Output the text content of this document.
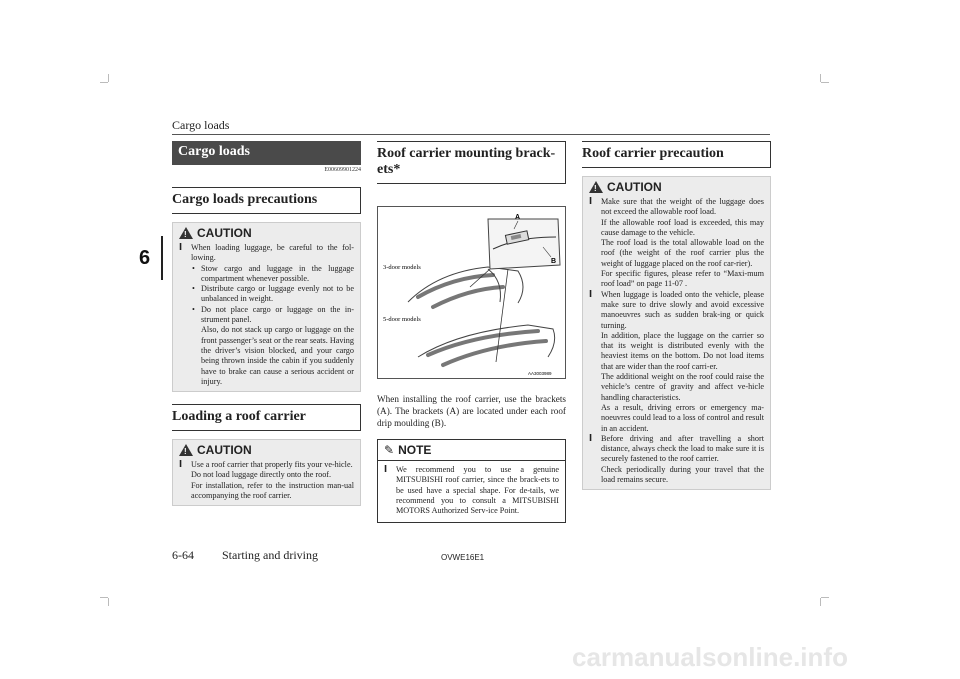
Cargo loads
6
Cargo loads
E00609901224
Cargo loads precautions
! CAUTION
l When loading luggage, be careful to the fol-lowing.
• Stow cargo and luggage in the luggage compartment whenever possible.
• Distribute cargo or luggage evenly not to be unbalanced in weight.
• Do not place cargo or luggage on the in-strument panel.

Also, do not stack up cargo or luggage on the front passenger’s seat or the rear seats. Having the driver’s vision blocked, and your cargo being thrown inside the cabin if you suddenly have to brake can cause a serious accident or injury.

Loading a roof carrier
! CAUTION
l Use a roof carrier that properly fits your ve-hicle.

Do not load luggage directly onto the roof.

For installation, refer to the instruction man-ual accompanying the roof carrier.

Roof carrier mounting brack-ets*
A
B
3-door models
5-door models
AA3003989
When installing the roof carrier, use the brackets (A). The brackets (A) are located under each roof drip moulding (B).
✎ NOTE
l We recommend you to use a genuine MITSUBISHI roof carrier, since the brack-ets to be used have a special shape. For de-tails, we recommend you to consult a MITSUBISHI MOTORS Authorized Serv-ice Point.
Roof carrier precaution
! CAUTION
l Make sure that the weight of the luggage does not exceed the allowable roof load.

If the allowable roof load is exceeded, this may cause damage to the vehicle.

The roof load is the total allowable load on the roof (the weight of the roof carrier plus the weight of luggage placed on the roof car-rier).

For specific figures, please refer to “Maxi-mum roof load” on page 11-07 .

l When luggage is loaded onto the vehicle, please make sure to drive slowly and avoid excessive manoeuvres such as sudden brak-ing or quick turning.

In addition, place the luggage on the carrier so that its weight is distributed evenly with the heaviest items on the bottom. Do not load items that are wider than the roof carri-er.

The additional weight on the roof could raise the vehicle’s centre of gravity and affect ve-hicle handling characteristics.

As a result, driving errors or emergency ma-noeuvres could lead to a loss of control and result in an accident.

l Before driving and after travelling a short distance, always check the load to make sure it is securely fastened to the roof carrier.

Check periodically during your travel that the load remains secure.

6-64 Starting and driving	OVWE16E1
carmanualsonline.info
